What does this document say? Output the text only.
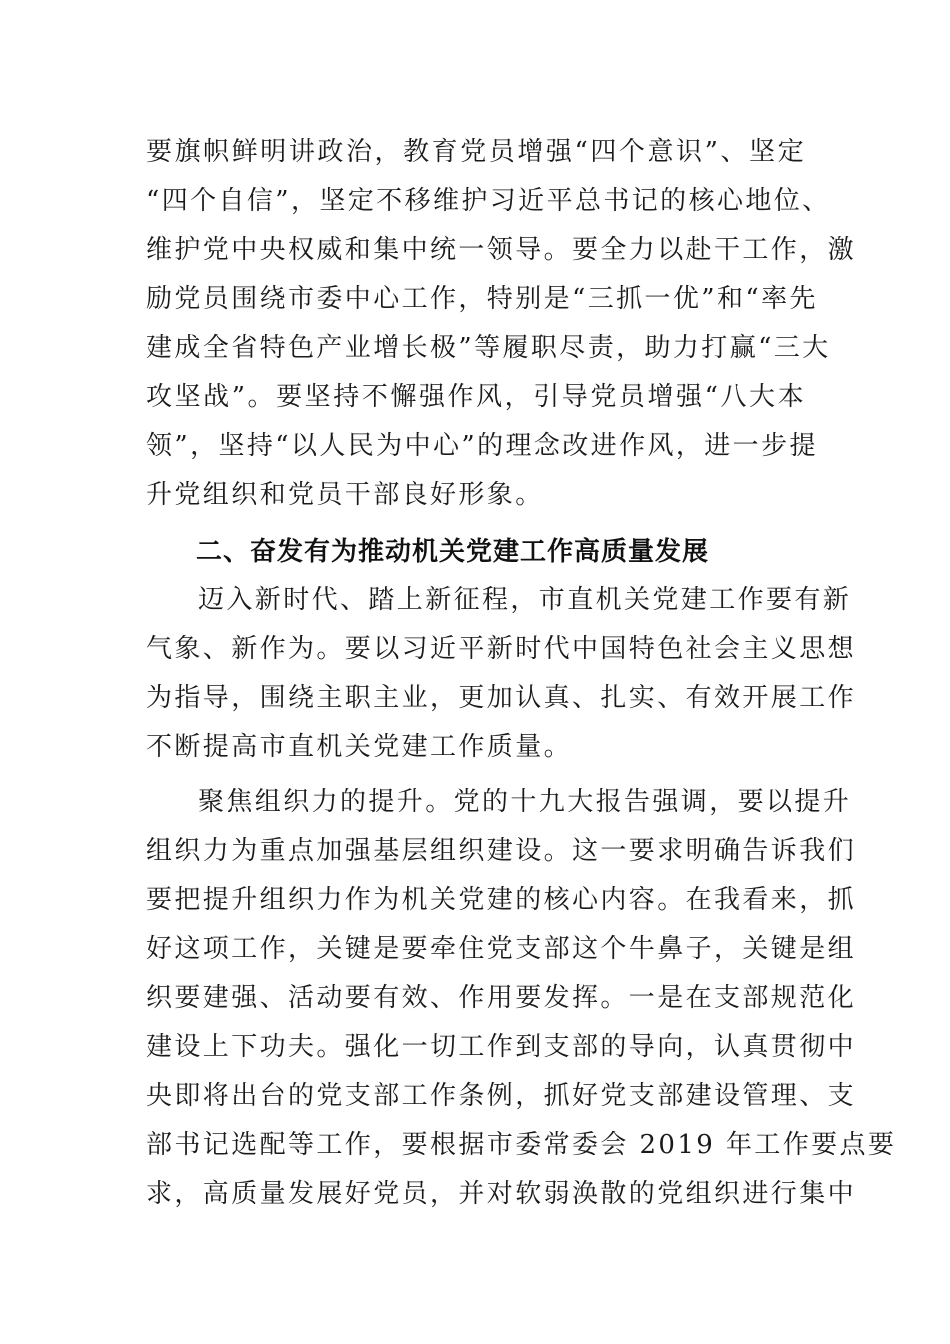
要旗帜鲜明讲政治，教育党员增强“四个意识”、坚定
“四个自信”，坚定不移维护习近平总书记的核心地位、
维护党中央权威和集中统一领导。要全力以赴干工作，激
励党员围绕市委中心工作，特别是“三抓一优”和“率先
建成全省特色产业增长极”等履职尽责，助力打赢“三大
攻坚战”。要坚持不懈强作风，引导党员增强“八大本
领”，坚持“以人民为中心”的理念改进作风，进一步提
升党组织和党员干部良好形象。
二、奋发有为推动机关党建工作高质量发展
迈入新时代、踏上新征程，市直机关党建工作要有新
气象、新作为。要以习近平新时代中国特色社会主义思想
为指导，围绕主职主业，更加认真、扎实、有效开展工作
不断提高市直机关党建工作质量。
聚焦组织力的提升。党的十九大报告强调，要以提升
组织力为重点加强基层组织建设。这一要求明确告诉我们
要把提升组织力作为机关党建的核心内容。在我看来，抓
好这项工作，关键是要牵住党支部这个牛鼻子，关键是组
织要建强、活动要有效、作用要发挥。一是在支部规范化
建设上下功夫。强化一切工作到支部的导向，认真贯彻中
央即将出台的党支部工作条例，抓好党支部建设管理、支
部书记选配等工作，要根据市委常委会 2019 年工作要点要
求，高质量发展好党员，并对软弱涣散的党组织进行集中
